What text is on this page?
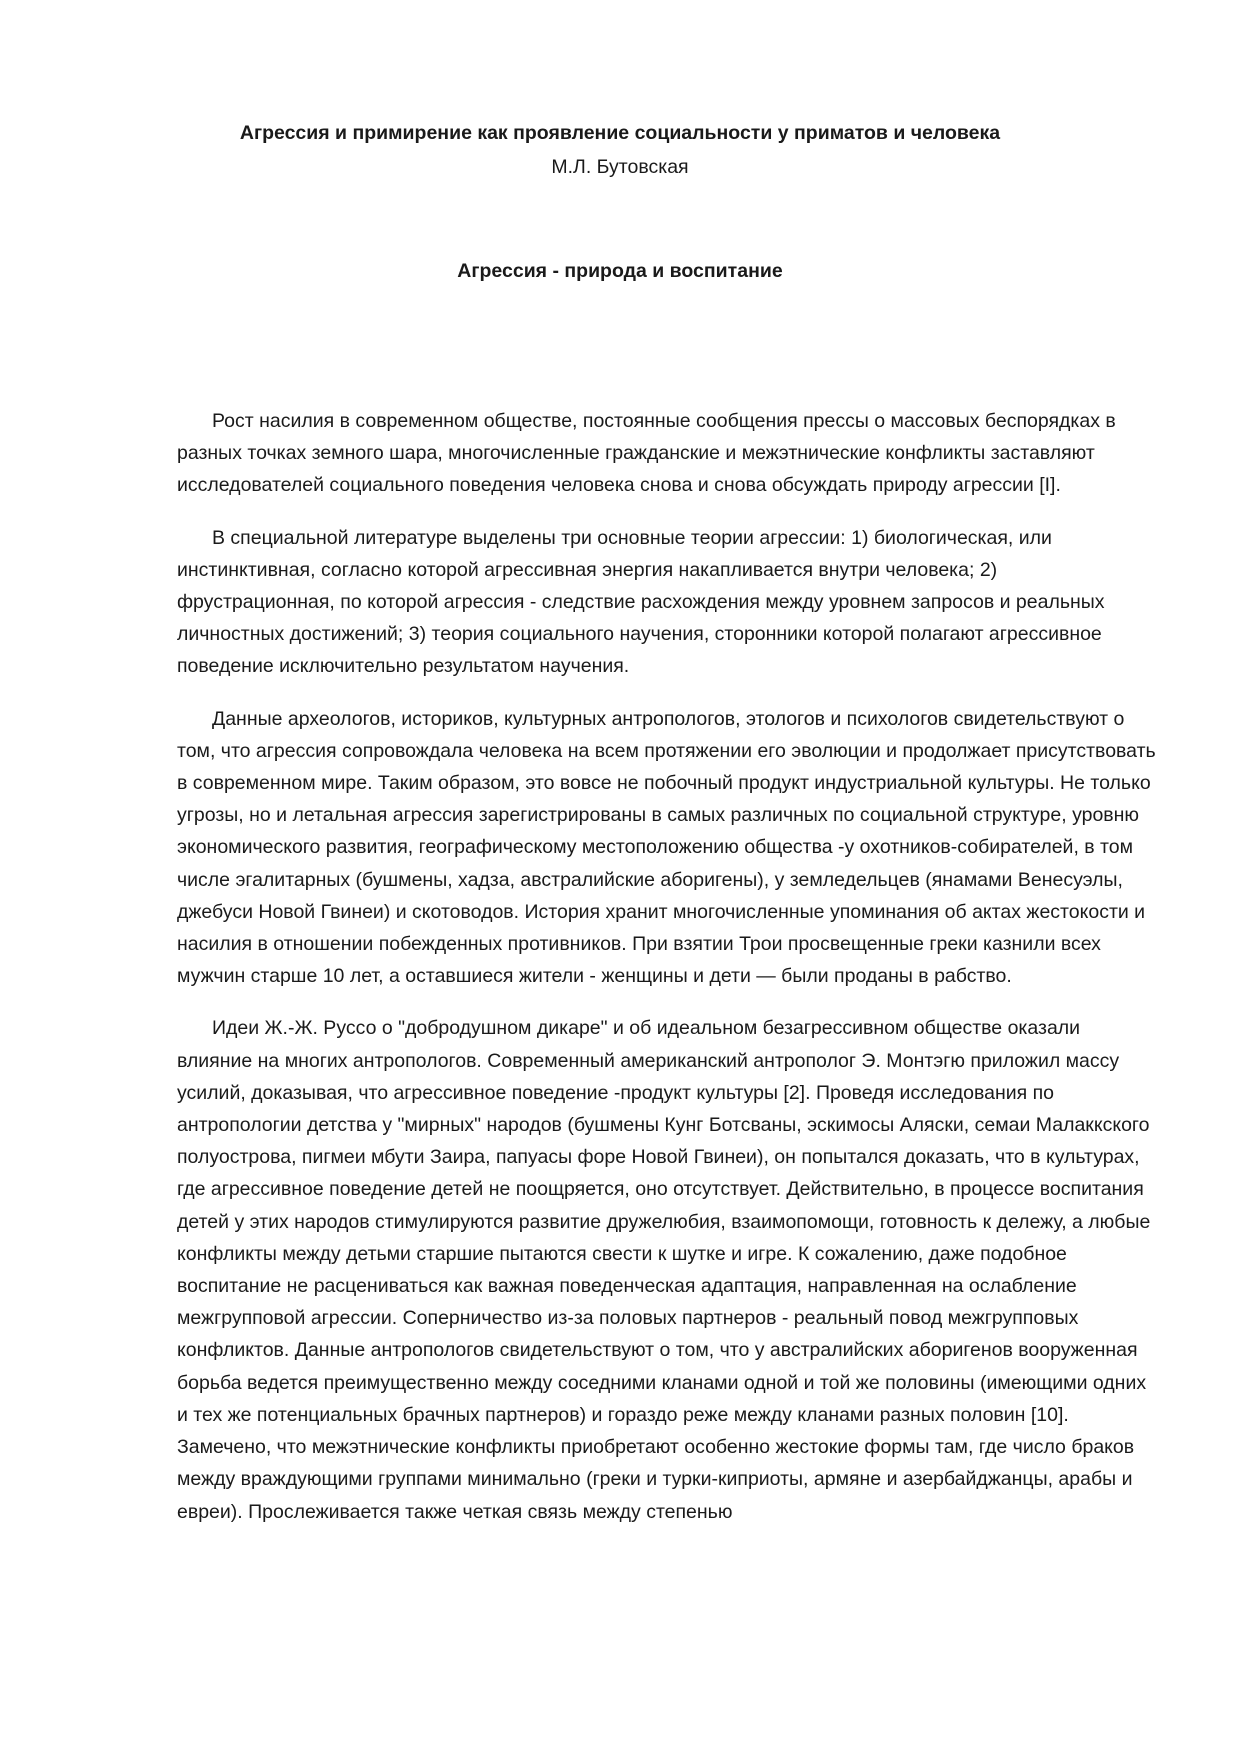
Агрессия и примирение как проявление социальности у приматов и человека

М.Л. Бутовская

Агрессия - природа и воспитание

Рост насилия в современном обществе, постоянные сообщения прессы о массовых беспорядках в разных точках земного шара, многочисленные гражданские и межэтнические конфликты заставляют исследователей социального поведения человека снова и снова обсуждать природу агрессии [I].

В специальной литературе выделены три основные теории агрессии: 1) биологическая, или инстинктивная, согласно которой агрессивная энергия накапливается внутри человека; 2) фрустрационная, по которой агрессия - следствие расхождения между уровнем запросов и реальных личностных достижений; 3) теория социального научения, сторонники которой полагают агрессивное поведение исключительно результатом научения.

Данные археологов, историков, культурных антропологов, этологов и психологов свидетельствуют о том, что агрессия сопровождала человека на всем протяжении его эволюции и продолжает присутствовать в современном мире. Таким образом, это вовсе не побочный продукт индустриальной культуры. Не только угрозы, но и летальная агрессия зарегистрированы в самых различных по социальной структуре, уровню экономического развития, географическому местоположению общества -у охотников-собирателей, в том числе эгалитарных (бушмены, хадза, австралийские аборигены), у земледельцев (янамами Венесуэлы, джебуси Новой Гвинеи) и скотоводов. История хранит многочисленные упоминания об актах жестокости и насилия в отношении побежденных противников. При взятии Трои просвещенные греки казнили всех мужчин старше 10 лет, а оставшиеся жители - женщины и дети — были проданы в рабство.

Идеи Ж.-Ж. Руссо о "добродушном дикаре" и об идеальном безагрессивном обществе оказали влияние на многих антропологов. Современный американский антрополог Э. Монтэгю приложил массу усилий, доказывая, что агрессивное поведение -продукт культуры [2]. Проведя исследования по антропологии детства у "мирных" народов (бушмены Кунг Ботсваны, эскимосы Аляски, семаи Малаккского полуострова, пигмеи мбути Заира, папуасы форе Новой Гвинеи), он попытался доказать, что в культурах, где агрессивное поведение детей не поощряется, оно отсутствует. Действительно, в процессе воспитания детей у этих народов стимулируются развитие дружелюбия, взаимопомощи, готовность к дележу, а любые конфликты между детьми старшие пытаются свести к шутке и игре. К сожалению, даже подобное воспитание не расцениваться как важная поведенческая адаптация, направленная на ослабление межгрупповой агрессии. Соперничество из-за половых партнеров - реальный повод межгрупповых конфликтов. Данные антропологов свидетельствуют о том, что у австралийских аборигенов вооруженная борьба ведется преимущественно между соседними кланами одной и той же половины (имеющими одних и тех же потенциальных брачных партнеров) и гораздо реже между кланами разных половин [10]. Замечено, что межэтнические конфликты приобретают особенно жестокие формы там, где число браков между враждующими группами минимально (греки и турки-киприоты, армяне и азербайджанцы, арабы и евреи). Прослеживается также четкая связь между степенью
